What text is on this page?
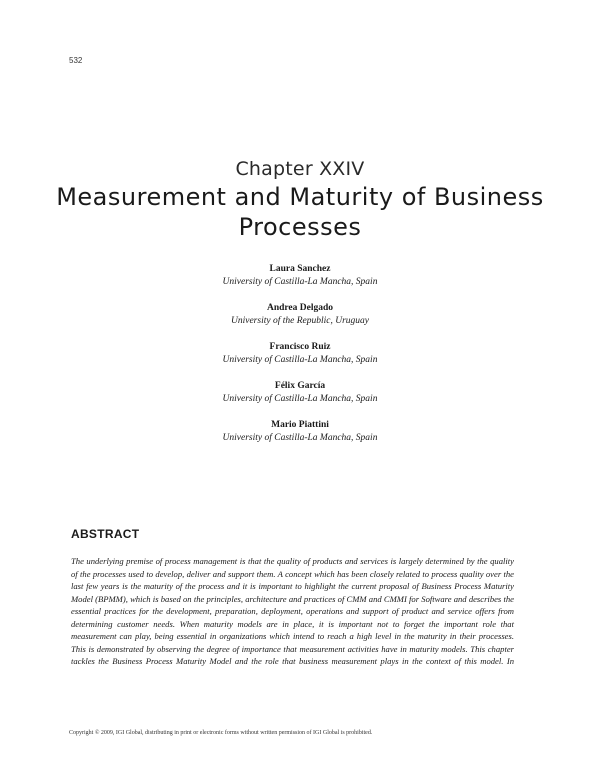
532
Chapter XXIV
Measurement and Maturity of Business Processes
Laura Sanchez
University of Castilla-La Mancha, Spain
Andrea Delgado
University of the Republic, Uruguay
Francisco Ruiz
University of Castilla-La Mancha, Spain
Félix García
University of Castilla-La Mancha, Spain
Mario Piattini
University of Castilla-La Mancha, Spain
ABSTRACT

The underlying premise of process management is that the quality of products and services is largely determined by the quality of the processes used to develop, deliver and support them. A concept which has been closely related to process quality over the last few years is the maturity of the process and it is important to highlight the current proposal of Business Process Maturity Model (BPMM), which is based on the principles, architecture and practices of CMM and CMMI for Software and describes the essential practices for the development, preparation, deployment, operations and support of product and service offers from determining customer needs. When maturity models are in place, it is important not to forget the important role that measurement can play, being essential in organizations which intend to reach a high level in the maturity in their processes. This is demonstrated by observing the degree of importance that measurement activities have in maturity models. This chapter tackles the Business Process Maturity Model and the role that business measurement plays in the context of this model. In

Copyright © 2009, IGI Global, distributing in print or electronic forms without written permission of IGI Global is prohibited.
